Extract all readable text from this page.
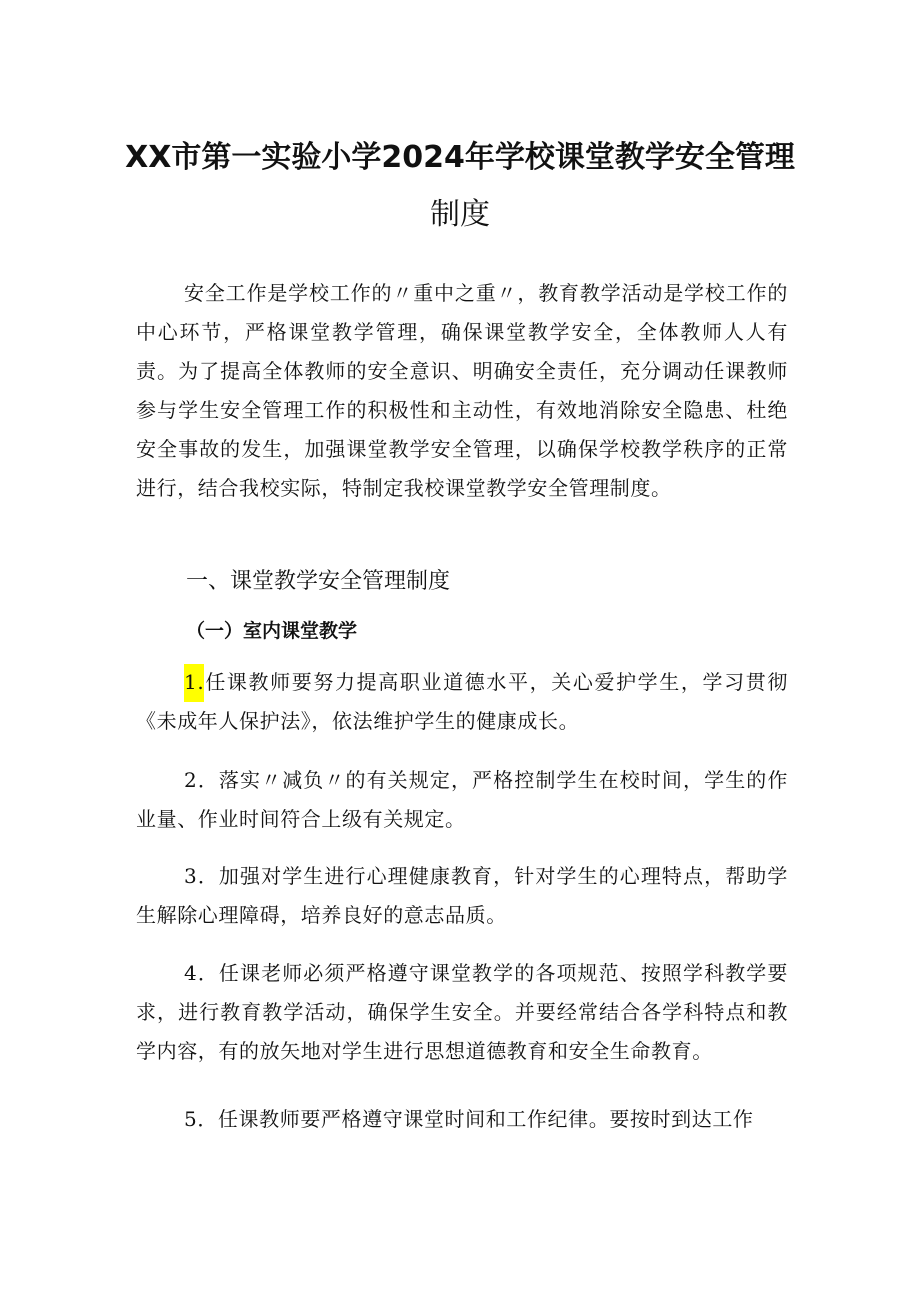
XX市第一实验小学2024年学校课堂教学安全管理
制度

安全工作是学校工作的〃重中之重〃，教育教学活动是学校工作的中心环节，严格课堂教学管理，确保课堂教学安全，全体教师人人有责。为了提高全体教师的安全意识、明确安全责任，充分调动任课教师参与学生安全管理工作的积极性和主动性，有效地消除安全隐患、杜绝安全事故的发生，加强课堂教学安全管理，以确保学校教学秩序的正常进行，结合我校实际，特制定我校课堂教学安全管理制度。

一、课堂教学安全管理制度
（一）室内课堂教学

1.任课教师要努力提高职业道德水平，关心爱护学生，学习贯彻《未成年人保护法》，依法维护学生的健康成长。

2．落实〃减负〃的有关规定，严格控制学生在校时间，学生的作业量、作业时间符合上级有关规定。

3．加强对学生进行心理健康教育，针对学生的心理特点，帮助学生解除心理障碍，培养良好的意志品质。

4．任课老师必须严格遵守课堂教学的各项规范、按照学科教学要求，进行教育教学活动，确保学生安全。并要经常结合各学科特点和教学内容，有的放矢地对学生进行思想道德教育和安全生命教育。

5．任课教师要严格遵守课堂时间和工作纪律。要按时到达工作
